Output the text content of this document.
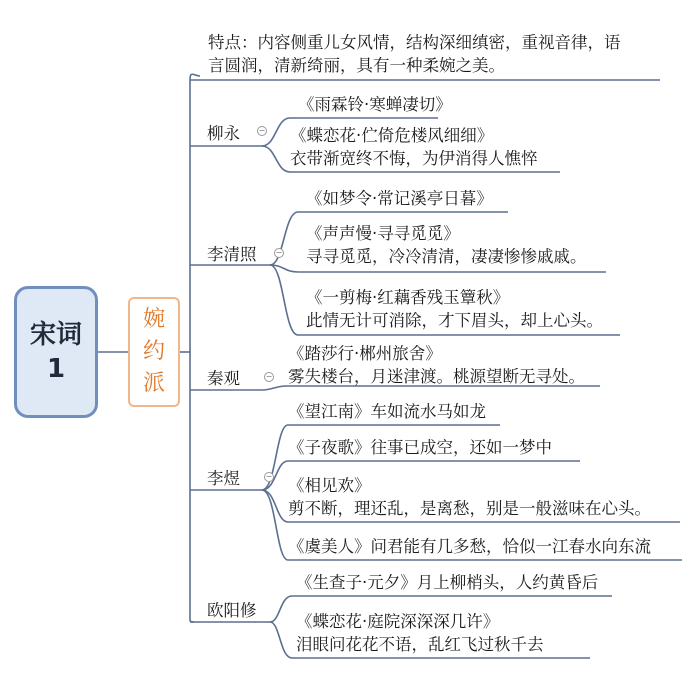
宋词
1
婉
约
派
特点：内容侧重儿女风情，结构深细缜密，重视音律，语
言圆润，清新绮丽，具有一种柔婉之美。
柳永 −
《雨霖铃·寒蝉凄切》
《蝶恋花·伫倚危楼风细细》
衣带渐宽终不悔，为伊消得人憔悴
李清照 −
《如梦令·常记溪亭日暮》
《声声慢·寻寻觅觅》
寻寻觅觅，冷冷清清，凄凄惨惨戚戚。
《一剪梅·红藕香残玉簟秋》
此情无计可消除，才下眉头，却上心头。
秦观	−
《踏莎行·郴州旅舍》
雾失楼台，月迷津渡。桃源望断无寻处。
李煜	−
《望江南》车如流水马如龙
《子夜歌》往事已成空，还如一梦中
《相见欢》
剪不断，理还乱，是离愁，别是一般滋味在心头。
《虞美人》问君能有几多愁，恰似一江春水向东流
欧阳修
《生查子·元夕》月上柳梢头，人约黄昏后
《蝶恋花·庭院深深深几许》
泪眼问花花不语，乱红飞过秋千去
